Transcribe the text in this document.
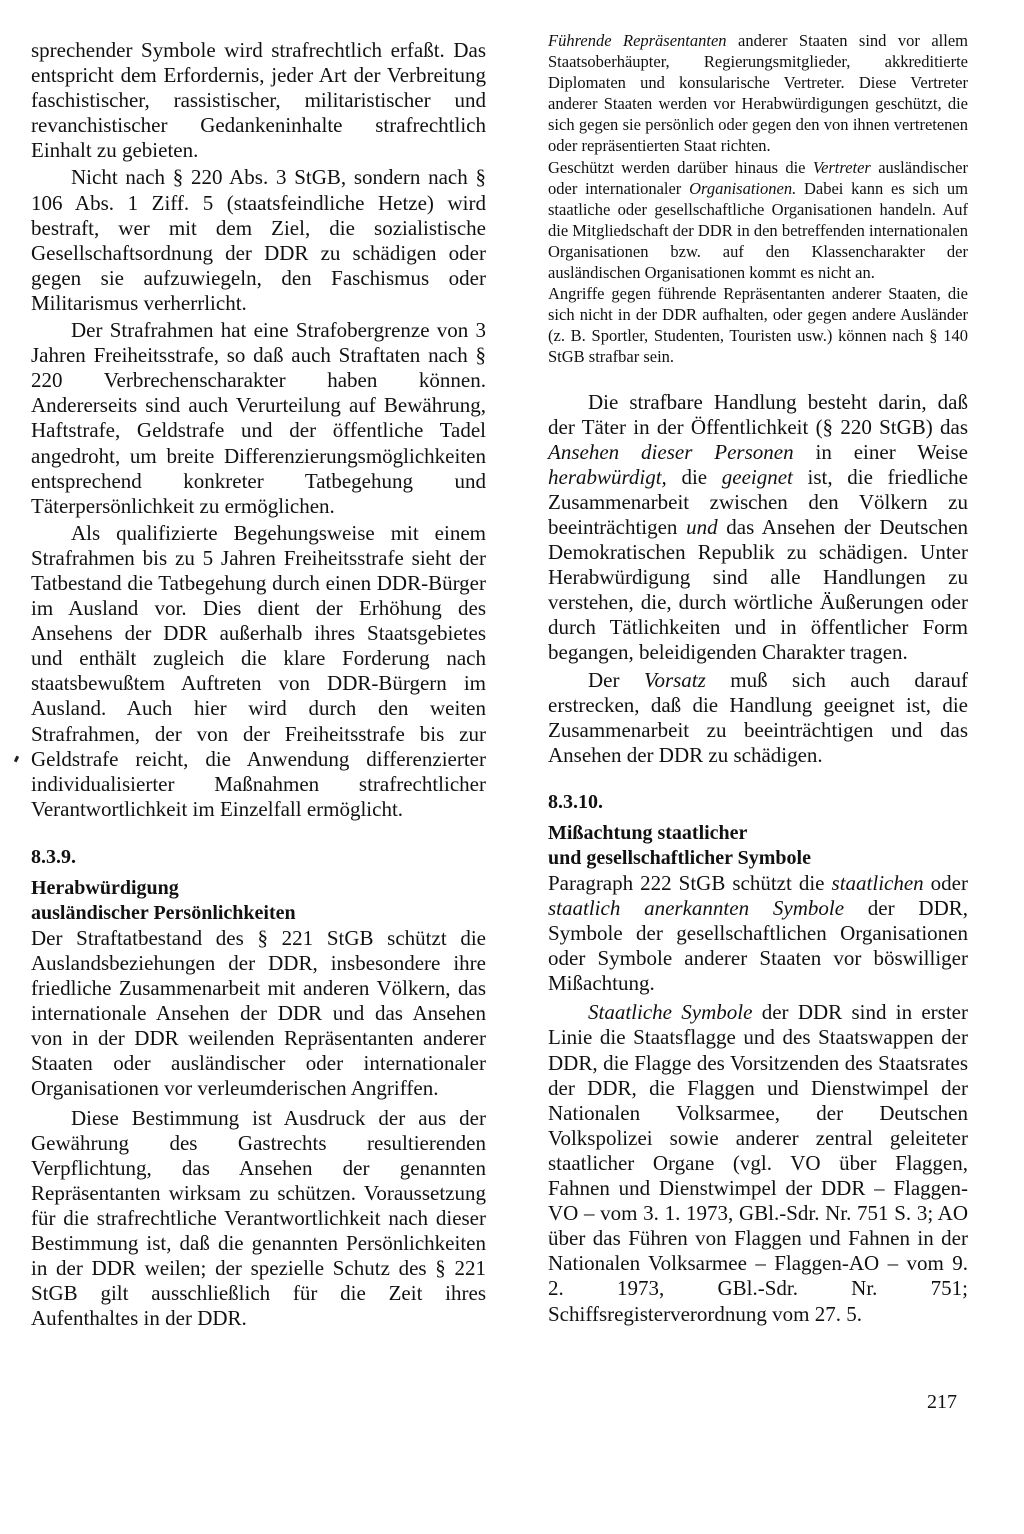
sprechender Symbole wird strafrechtlich erfaßt. Das entspricht dem Erfordernis, jeder Art der Verbreitung faschistischer, rassistischer, militaristischer und revanchistischer Gedankeninhalte strafrechtlich Einhalt zu gebieten.

Nicht nach § 220 Abs. 3 StGB, sondern nach § 106 Abs. 1 Ziff. 5 (staatsfeindliche Hetze) wird bestraft, wer mit dem Ziel, die sozialistische Gesellschaftsordnung der DDR zu schädigen oder gegen sie aufzuwiegeln, den Faschismus oder Militarismus verherrlicht.

Der Strafrahmen hat eine Strafobergrenze von 3 Jahren Freiheitsstrafe, so daß auch Straftaten nach § 220 Verbrechenscharakter haben können. Andererseits sind auch Verurteilung auf Bewährung, Haftstrafe, Geldstrafe und der öffentliche Tadel angedroht, um breite Differenzierungsmöglichkeiten entsprechend konkreter Tatbegehung und Täterpersönlichkeit zu ermöglichen.

Als qualifizierte Begehungsweise mit einem Strafrahmen bis zu 5 Jahren Freiheitsstrafe sieht der Tatbestand die Tatbegehung durch einen DDR-Bürger im Ausland vor. Dies dient der Erhöhung des Ansehens der DDR außerhalb ihres Staatsgebietes und enthält zugleich die klare Forderung nach staatsbewußtem Auftreten von DDR-Bürgern im Ausland. Auch hier wird durch den weiten Strafrahmen, der von der Freiheitsstrafe bis zur Geldstrafe reicht, die Anwendung differenzierter individualisierter Maßnahmen strafrechtlicher Verantwortlichkeit im Einzelfall ermöglicht.

8.3.9.
Herabwürdigung
ausländischer Persönlichkeiten

Der Straftatbestand des § 221 StGB schützt die Auslandsbeziehungen der DDR, insbesondere ihre friedliche Zusammenarbeit mit anderen Völkern, das internationale Ansehen der DDR und das Ansehen von in der DDR weilenden Repräsentanten anderer Staaten oder ausländischer oder internationaler Organisationen vor verleumderischen Angriffen.

Diese Bestimmung ist Ausdruck der aus der Gewährung des Gastrechts resultierenden Verpflichtung, das Ansehen der genannten Repräsentanten wirksam zu schützen. Voraussetzung für die strafrechtliche Verantwortlichkeit nach dieser Bestimmung ist, daß die genannten Persönlichkeiten in der DDR weilen; der spezielle Schutz des § 221 StGB gilt ausschließlich für die Zeit ihres Aufenthaltes in der DDR.

Führende Repräsentanten anderer Staaten sind vor allem Staatsoberhäupter, Regierungsmitglieder, akkreditierte Diplomaten und konsularische Vertreter. Diese Vertreter anderer Staaten werden vor Herabwürdigungen geschützt, die sich gegen sie persönlich oder gegen den von ihnen vertretenen oder repräsentierten Staat richten.

Geschützt werden darüber hinaus die Vertreter ausländischer oder internationaler Organisationen. Dabei kann es sich um staatliche oder gesellschaftliche Organisationen handeln. Auf die Mitgliedschaft der DDR in den betreffenden internationalen Organisationen bzw. auf den Klassencharakter der ausländischen Organisationen kommt es nicht an.

Angriffe gegen führende Repräsentanten anderer Staaten, die sich nicht in der DDR aufhalten, oder gegen andere Ausländer (z. B. Sportler, Studenten, Touristen usw.) können nach § 140 StGB strafbar sein.

Die strafbare Handlung besteht darin, daß der Täter in der Öffentlichkeit (§ 220 StGB) das Ansehen dieser Personen in einer Weise herabwürdigt, die geeignet ist, die friedliche Zusammenarbeit zwischen den Völkern zu beeinträchtigen und das Ansehen der Deutschen Demokratischen Republik zu schädigen. Unter Herabwürdigung sind alle Handlungen zu verstehen, die, durch wörtliche Äußerungen oder durch Tätlichkeiten und in öffentlicher Form begangen, beleidigenden Charakter tragen.

Der Vorsatz muß sich auch darauf erstrecken, daß die Handlung geeignet ist, die Zusammenarbeit zu beeinträchtigen und das Ansehen der DDR zu schädigen.

8.3.10.
Mißachtung staatlicher
und gesellschaftlicher Symbole

Paragraph 222 StGB schützt die staatlichen oder staatlich anerkannten Symbole der DDR, Symbole der gesellschaftlichen Organisationen oder Symbole anderer Staaten vor böswilliger Mißachtung.

Staatliche Symbole der DDR sind in erster Linie die Staatsflagge und des Staatswappen der DDR, die Flagge des Vorsitzenden des Staatsrates der DDR, die Flaggen und Dienstwimpel der Nationalen Volksarmee, der Deutschen Volkspolizei sowie anderer zentral geleiteter staatlicher Organe (vgl. VO über Flaggen, Fahnen und Dienstwimpel der DDR – Flaggen-VO – vom 3. 1. 1973, GBl.-Sdr. Nr. 751 S. 3; AO über das Führen von Flaggen und Fahnen in der Nationalen Volksarmee – Flaggen-AO – vom 9. 2. 1973, GBl.-Sdr. Nr. 751; Schiffsregisterverordnung vom 27. 5.

217
